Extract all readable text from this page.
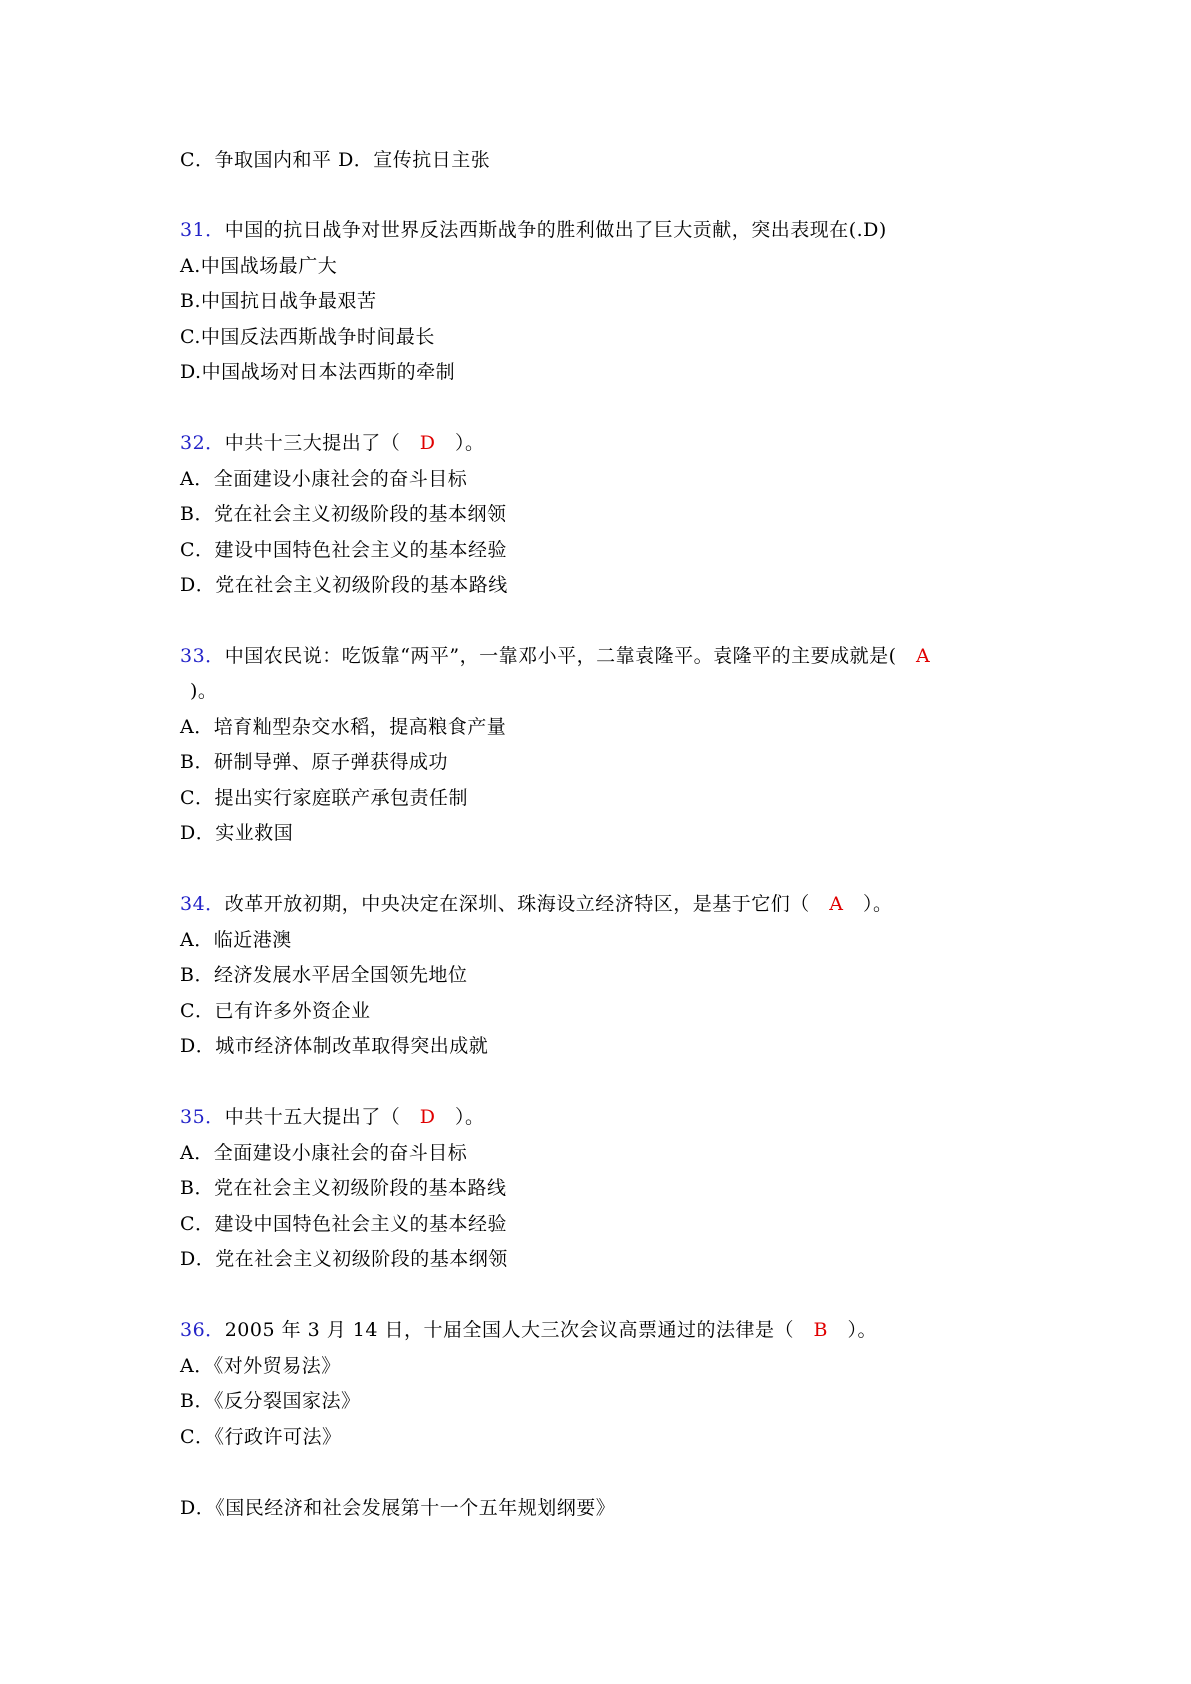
C．争取国内和平 D．宣传抗日主张

31．中国的抗日战争对世界反法西斯战争的胜利做出了巨大贡献，突出表现在(.D)

A.中国战场最广大

B.中国抗日战争最艰苦

C.中国反法西斯战争时间最长

D.中国战场对日本法西斯的牵制

32．中共十三大提出了（　D　）。

A．全面建设小康社会的奋斗目标

B．党在社会主义初级阶段的基本纲领

C．建设中国特色社会主义的基本经验

D．党在社会主义初级阶段的基本路线

33．中国农民说：吃饭靠“两平”，一靠邓小平，二靠袁隆平。袁隆平的主要成就是(　A

)。

A．培育籼型杂交水稻，提高粮食产量

B．研制导弹、原子弹获得成功

C．提出实行家庭联产承包责任制

D．实业救国

34．改革开放初期，中央决定在深圳、珠海设立经济特区，是基于它们（　A　）。

A．临近港澳

B．经济发展水平居全国领先地位

C．已有许多外资企业

D．城市经济体制改革取得突出成就

35．中共十五大提出了（　D　）。

A．全面建设小康社会的奋斗目标

B．党在社会主义初级阶段的基本路线

C．建设中国特色社会主义的基本经验

D．党在社会主义初级阶段的基本纲领

36．2005 年 3 月 14 日，十届全国人大三次会议高票通过的法律是（　B　）。

A．《对外贸易法》

B．《反分裂国家法》

C．《行政许可法》

D．《国民经济和社会发展第十一个五年规划纲要》
